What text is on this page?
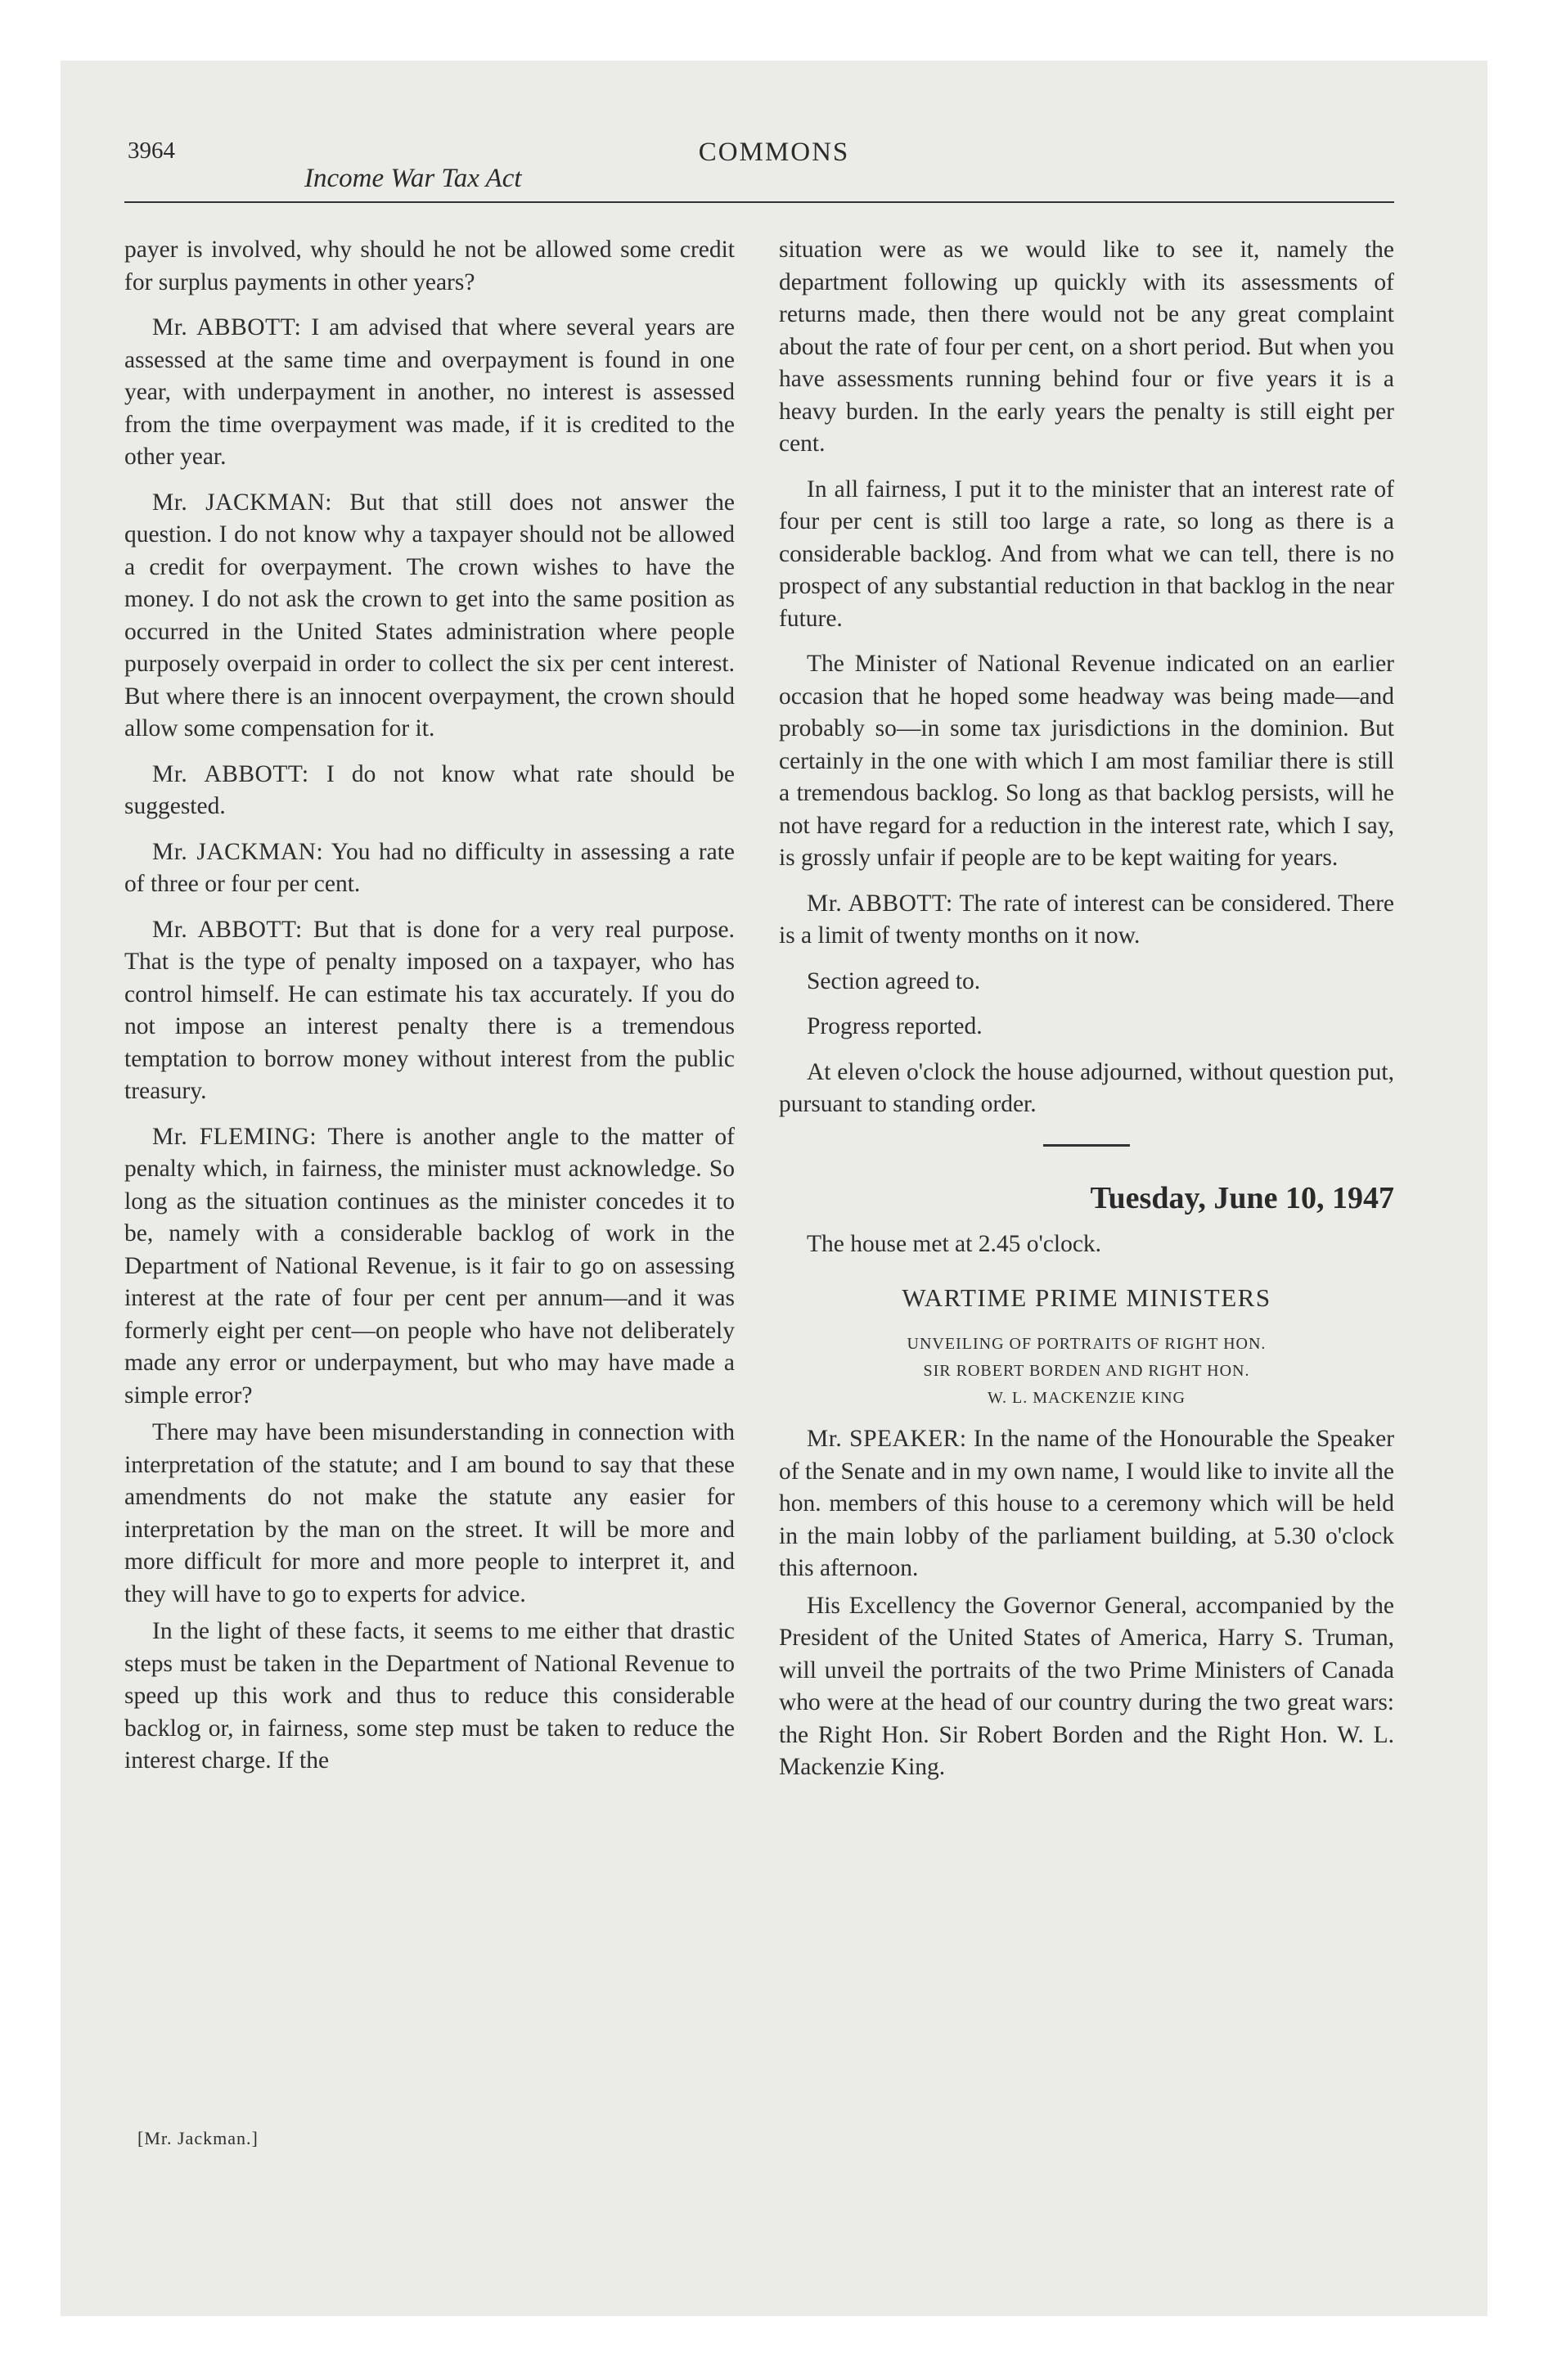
3964	COMMONS
Income War Tax Act

payer is involved, why should he not be allowed some credit for surplus payments in other years?

Mr. ABBOTT: I am advised that where several years are assessed at the same time and overpayment is found in one year, with underpayment in another, no interest is assessed from the time overpayment was made, if it is credited to the other year.

Mr. JACKMAN: But that still does not answer the question. I do not know why a taxpayer should not be allowed a credit for overpayment. The crown wishes to have the money. I do not ask the crown to get into the same position as occurred in the United States administration where people purposely overpaid in order to collect the six per cent interest. But where there is an innocent overpayment, the crown should allow some compensation for it.

Mr. ABBOTT: I do not know what rate should be suggested.

Mr. JACKMAN: You had no difficulty in assessing a rate of three or four per cent.

Mr. ABBOTT: But that is done for a very real purpose. That is the type of penalty imposed on a taxpayer, who has control himself. He can estimate his tax accurately. If you do not impose an interest penalty there is a tremendous temptation to borrow money without interest from the public treasury.

Mr. FLEMING: There is another angle to the matter of penalty which, in fairness, the minister must acknowledge. So long as the situation continues as the minister concedes it to be, namely with a considerable backlog of work in the Department of National Revenue, is it fair to go on assessing interest at the rate of four per cent per annum—and it was formerly eight per cent—on people who have not deliberately made any error or underpayment, but who may have made a simple error?

There may have been misunderstanding in connection with interpretation of the statute; and I am bound to say that these amendments do not make the statute any easier for interpretation by the man on the street. It will be more and more difficult for more and more people to interpret it, and they will have to go to experts for advice.

In the light of these facts, it seems to me either that drastic steps must be taken in the Department of National Revenue to speed up this work and thus to reduce this considerable backlog or, in fairness, some step must be taken to reduce the interest charge. If the

[Mr. Jackman.]

situation were as we would like to see it, namely the department following up quickly with its assessments of returns made, then there would not be any great complaint about the rate of four per cent, on a short period. But when you have assessments running behind four or five years it is a heavy burden. In the early years the penalty is still eight per cent.

In all fairness, I put it to the minister that an interest rate of four per cent is still too large a rate, so long as there is a considerable backlog. And from what we can tell, there is no prospect of any substantial reduction in that backlog in the near future.

The Minister of National Revenue indicated on an earlier occasion that he hoped some headway was being made—and probably so—in some tax jurisdictions in the dominion. But certainly in the one with which I am most familiar there is still a tremendous backlog. So long as that backlog persists, will he not have regard for a reduction in the interest rate, which I say, is grossly unfair if people are to be kept waiting for years.

Mr. ABBOTT: The rate of interest can be considered. There is a limit of twenty months on it now.

Section agreed to.

Progress reported.

At eleven o'clock the house adjourned, without question put, pursuant to standing order.

Tuesday, June 10, 1947

The house met at 2.45 o'clock.

WARTIME PRIME MINISTERS
UNVEILING OF PORTRAITS OF RIGHT HON.
SIR ROBERT BORDEN AND RIGHT HON.
W. L. MACKENZIE KING

Mr. SPEAKER: In the name of the Honourable the Speaker of the Senate and in my own name, I would like to invite all the hon. members of this house to a ceremony which will be held in the main lobby of the parliament building, at 5.30 o'clock this afternoon.

His Excellency the Governor General, accompanied by the President of the United States of America, Harry S. Truman, will unveil the portraits of the two Prime Ministers of Canada who were at the head of our country during the two great wars: the Right Hon. Sir Robert Borden and the Right Hon. W. L. Mackenzie King.
